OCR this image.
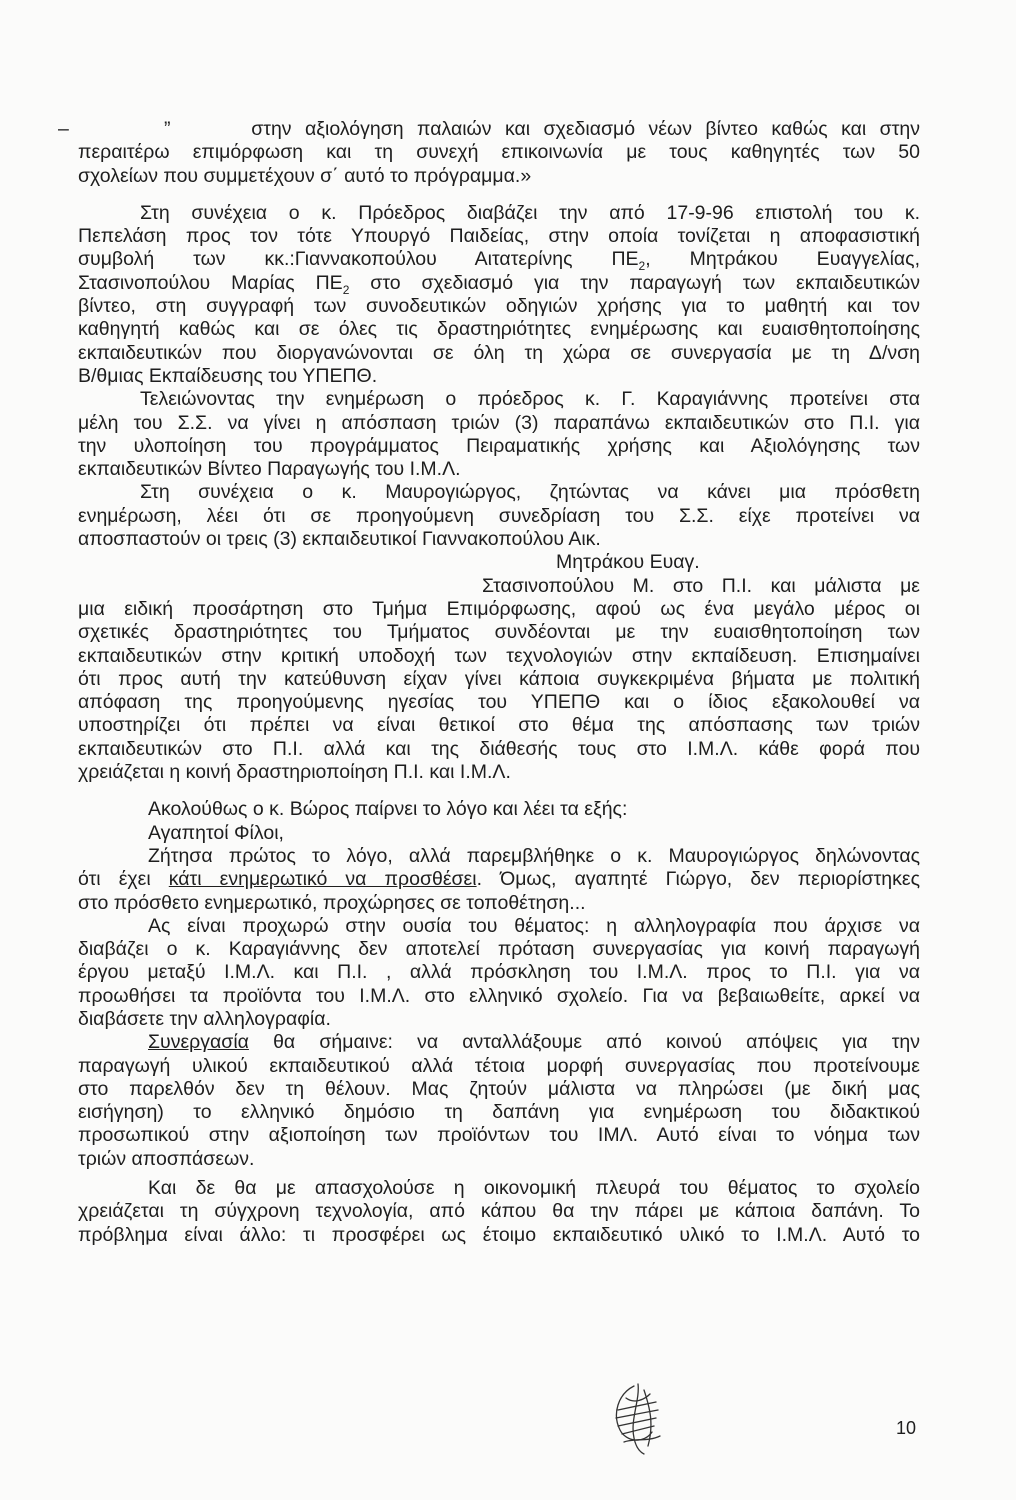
–	”	στην αξιολόγηση παλαιών και σχεδιασμό νέων βίντεο καθώς και στην
περαιτέρω επιμόρφωση και τη συνεχή επικοινωνία με τους καθηγητές των 50
σχολείων που συμμετέχουν σ΄ αυτό το πρόγραμμα.»
Στη συνέχεια ο κ. Πρόεδρος διαβάζει την από 17-9-96 επιστολή του κ.
Πεπελάση προς τον τότε Υπουργό Παιδείας, στην οποία τονίζεται η αποφασιστική
συμβολή των κκ.:Γιαννακοπούλου Αιτατερίνης $\Pi E_2$, Μητράκου Ευαγγελίας,
Στασινοπούλου Μαρίας $\Pi E_2$ στο σχεδιασμό για την παραγωγή των εκπαιδευτικών
βίντεο, στη συγγραφή των συνοδευτικών οδηγιών χρήσης για το μαθητή και τον
καθηγητή καθώς και σε όλες τις δραστηριότητες ενημέρωσης και ευαισθητοποίησης
εκπαιδευτικών που διοργανώνονται σε όλη τη χώρα σε συνεργασία με τη Δ/νση
Β/θμιας Εκπαίδευσης του ΥΠΕΠΘ.
Τελειώνοντας την ενημέρωση ο πρόεδρος κ. Γ. Καραγιάννης προτείνει στα
μέλη του Σ.Σ. να γίνει η απόσπαση τριών (3) παραπάνω εκπαιδευτικών στο Π.Ι. για
την υλοποίηση του προγράμματος Πειραματικής χρήσης και Αξιολόγησης των
εκπαιδευτικών Βίντεο Παραγωγής του Ι.Μ.Λ.
Στη συνέχεια ο κ. Μαυρογιώργος, ζητώντας να κάνει μια πρόσθετη
ενημέρωση, λέει ότι σε προηγούμενη συνεδρίαση του Σ.Σ. είχε προτείνει να
αποσπαστούν οι τρεις (3) εκπαιδευτικοί Γιαννακοπούλου Αικ.
Μητράκου Ευαγ.
Στασινοπούλου Μ. στο Π.Ι. και μάλιστα με
μια ειδική προσάρτηση στο Τμήμα Επιμόρφωσης, αφού ως ένα μεγάλο μέρος οι
σχετικές δραστηριότητες του Τμήματος συνδέονται με την ευαισθητοποίηση των
εκπαιδευτικών στην κριτική υποδοχή των τεχνολογιών στην εκπαίδευση. Επισημαίνει
ότι προς αυτή την κατεύθυνση είχαν γίνει κάποια συγκεκριμένα βήματα με πολιτική
απόφαση της προηγούμενης ηγεσίας του ΥΠΕΠΘ και ο ίδιος εξακολουθεί να
υποστηρίζει ότι πρέπει να είναι θετικοί στο θέμα της απόσπασης των τριών
εκπαιδευτικών στο Π.Ι. αλλά και της διάθεσής τους στο Ι.Μ.Λ. κάθε φορά που
χρειάζεται η κοινή δραστηριοποίηση Π.Ι. και Ι.Μ.Λ.
Ακολούθως ο κ. Βώρος παίρνει το λόγο και λέει τα εξής:
Αγαπητοί Φίλοι,
Ζήτησα πρώτος το λόγο, αλλά παρεμβλήθηκε ο κ. Μαυρογιώργος δηλώνοντας
ότι έχει κάτι ενημερωτικό να προσθέσει. Όμως, αγαπητέ Γιώργο, δεν περιορίστηκες
στο πρόσθετο ενημερωτικό, προχώρησες σε τοποθέτηση...
Ας είναι προχωρώ στην ουσία του θέματος: η αλληλογραφία που άρχισε να
διαβάζει ο κ. Καραγιάννης δεν αποτελεί πρόταση συνεργασίας για κοινή παραγωγή
έργου μεταξύ Ι.Μ.Λ. και Π.Ι. , αλλά πρόσκληση του Ι.Μ.Λ. προς το Π.Ι. για να
προωθήσει τα προϊόντα του Ι.Μ.Λ. στο ελληνικό σχολείο. Για να βεβαιωθείτε, αρκεί να
διαβάσετε την αλληλογραφία.
Συνεργασία θα σήμαινε: να ανταλλάξουμε από κοινού απόψεις για την
παραγωγή υλικού εκπαιδευτικού αλλά τέτοια μορφή συνεργασίας που προτείνουμε
στο παρελθόν δεν τη θέλουν. Μας ζητούν μάλιστα να πληρώσει (με δική μας
εισήγηση) το ελληνικό δημόσιο τη δαπάνη για ενημέρωση του διδακτικού
προσωπικού στην αξιοποίηση των προϊόντων του ΙΜΛ. Αυτό είναι το νόημα των
τριών αποσπάσεων.
Και δε θα με απασχολούσε η οικονομική πλευρά του θέματος το σχολείο
χρειάζεται τη σύγχρονη τεχνολογία, από κάπου θα την πάρει με κάποια δαπάνη. Το
πρόβλημα είναι άλλο: τι προσφέρει ως έτοιμο εκπαιδευτικό υλικό το Ι.Μ.Λ. Αυτό το
10
